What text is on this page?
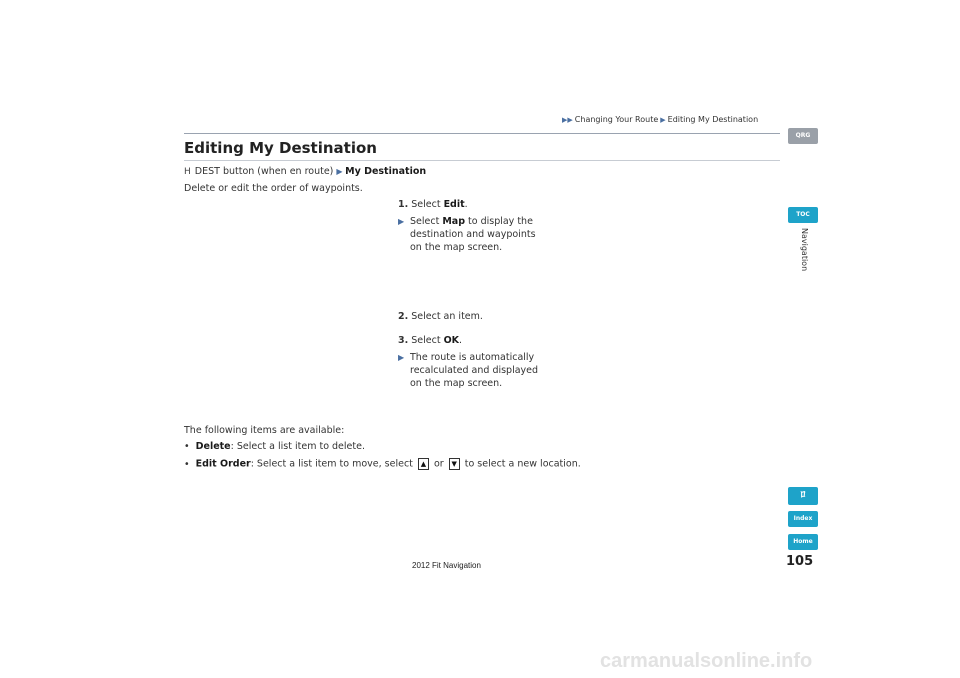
▶▶ Changing Your Route ▶ Editing My Destination
Editing My Destination
H DEST button (when en route) ▶ My Destination
Delete or edit the order of waypoints.
1. Select Edit.
▶ Select Map to display the destination and waypoints on the map screen.
2. Select an item.
3. Select OK.
▶ The route is automatically recalculated and displayed on the map screen.
The following items are available:
• Delete: Select a list item to delete.
• Edit Order: Select a list item to move, select ▲ or ▼ to select a new location.
QRG
TOC
Navigation
ﾛ
Index
Home
105
2012 Fit Navigation
carmanualsonline.info
